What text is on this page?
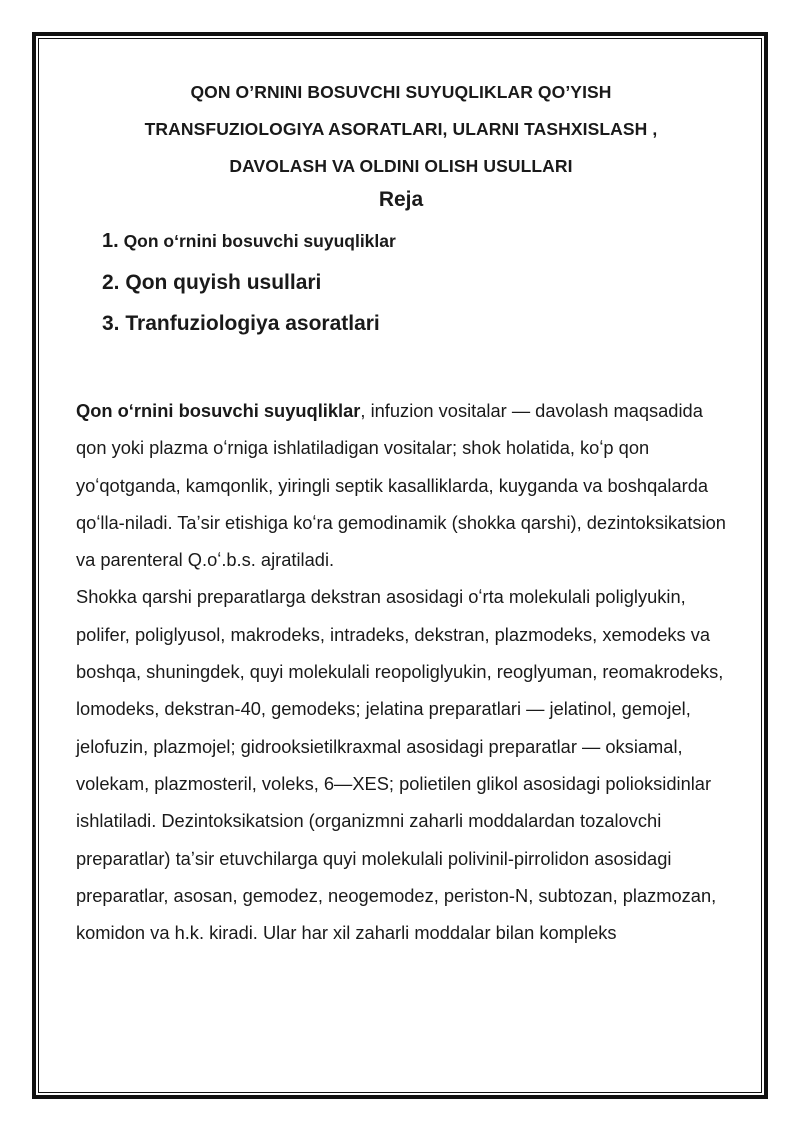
QON O’RNINI BOSUVCHI SUYUQLIKLAR QO’YISH
TRANSFUZIOLOGIYA ASORATLARI, ULARNI TASHXISLASH ,
DAVOLASH VA OLDINI OLISH USULLARI
Reja
1. Qon oʻrnini bosuvchi suyuqliklar
2. Qon quyish usullari
3. Tranfuziologiya asoratlari

Qon oʻrnini bosuvchi suyuqliklar, infuzion vositalar — davolash maqsadida qon yoki plazma oʻrniga ishlatiladigan vositalar; shok holatida, koʻp qon yoʻqotganda, kamqonlik, yiringli septik kasalliklarda, kuyganda va boshqalarda qoʻlla-niladi. Taʼsir etishiga koʻra gemodinamik (shokka qarshi), dezintoksikatsion va parenteral Q.oʻ.b.s. ajratiladi.

Shokka qarshi preparatlarga dekstran asosidagi oʻrta molekulali poliglyukin, polifer, poliglyusol, makrodeks, intradeks, dekstran, plazmodeks, xemodeks va boshqa, shuningdek, quyi molekulali reopoliglyukin, reoglyuman, reomakrodeks, lomodeks, dekstran-40, gemodeks; jelatina preparatlari — jelatinol, gemojel, jelofuzin, plazmojel; gidrooksietilkraxmal asosidagi preparatlar — oksiamal, volekam, plazmosteril, voleks, 6—XES; polietilen glikol asosidagi polioksidinlar ishlatiladi. Dezintoksikatsion (organizmni zaharli moddalardan tozalovchi preparatlar) taʼsir etuvchilarga quyi molekulali polivinil-pirrolidon asosidagi preparatlar, asosan, gemodez, neogemodez, periston-N, subtozan, plazmozan, komidon va h.k. kiradi. Ular har xil zaharli moddalar bilan kompleks
